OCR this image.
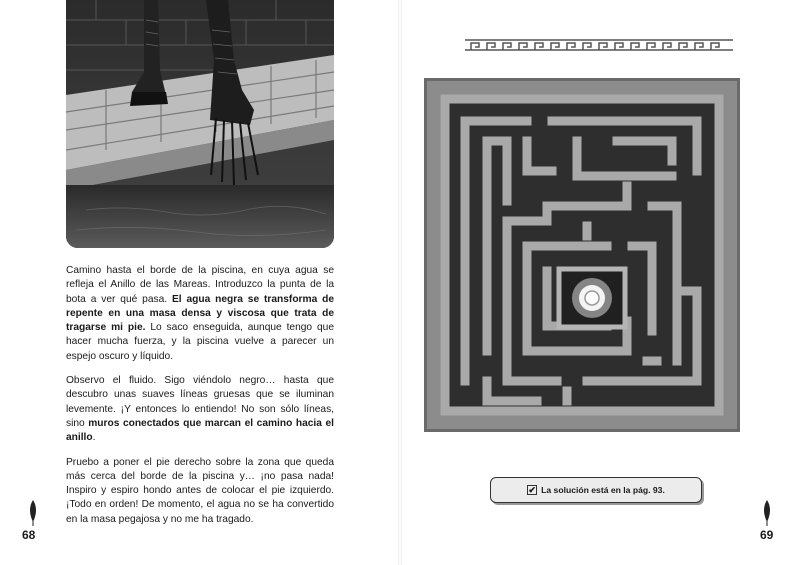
Camino hasta el borde de la piscina, en cuya agua se refleja el Anillo de las Mareas. Introduzco la punta de la bota a ver qué pasa. El agua negra se transforma de repente en una masa densa y viscosa que trata de tragarse mi pie. Lo saco enseguida, aunque tengo que hacer mucha fuerza, y la piscina vuelve a parecer un espejo oscuro y líquido.

Observo el fluido. Sigo viéndolo negro… hasta que descubro unas suaves líneas gruesas que se iluminan levemente. ¡Y entonces lo entiendo! No son sólo líneas, sino muros conectados que marcan el camino hacia el anillo.

Pruebo a poner el pie derecho sobre la zona que queda más cerca del borde de la piscina y… ¡no pasa nada! Inspiro y espiro hondo antes de colocar el pie izquierdo. ¡Todo en orden! De momento, el agua no se ha convertido en la masa pegajosa y no me ha tragado.

68
✔ La solución está en la pág. 93.
69
